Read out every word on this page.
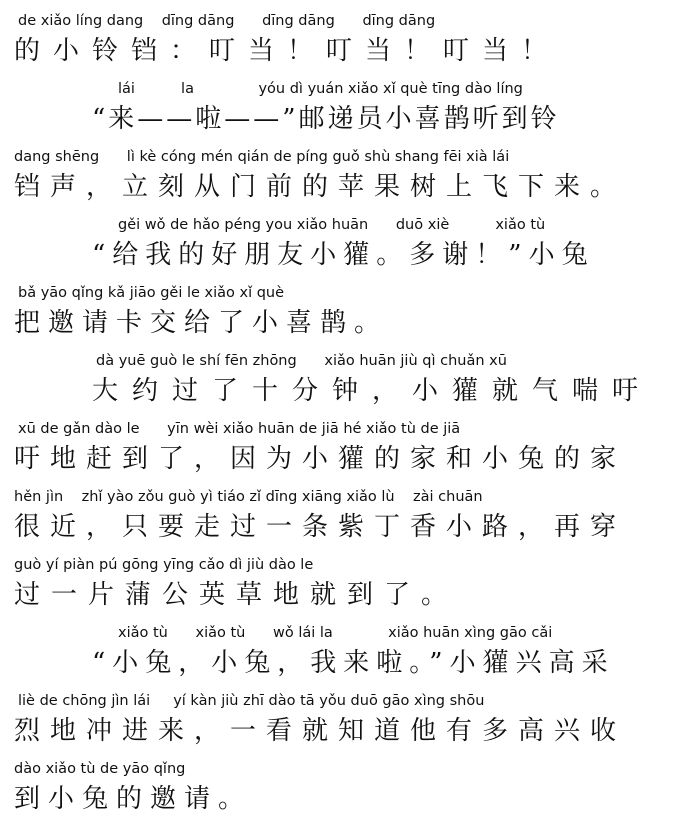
de xiǎo líng dang    dīng dāng      dīng dāng      dīng dāng
的小铃铛：叮当！叮当！叮当！
lái          la              yóu dì yuán xiǎo xǐ què tīng dào líng
“来——啦——”邮递员小喜鹊听到铃
dang shēng      lì kè cóng mén qián de píng guǒ shù shang fēi xià lái
铛声，立刻从门前的苹果树上飞下来。
gěi wǒ de hǎo péng you xiǎo huān      duō xiè          xiǎo tù
“给我的好朋友小獾。多谢！”小兔
bǎ yāo qǐng kǎ jiāo gěi le xiǎo xǐ què
把邀请卡交给了小喜鹊。
dà yuē guò le shí fēn zhōng      xiǎo huān jiù qì chuǎn xū
大约过了十分钟，小獾就气喘吁
xū de gǎn dào le      yīn wèi xiǎo huān de jiā hé xiǎo tù de jiā
吁地赶到了，因为小獾的家和小兔的家
hěn jìn    zhǐ yào zǒu guò yì tiáo zǐ dīng xiāng xiǎo lù    zài chuān
很近，只要走过一条紫丁香小路，再穿
guò yí piàn pú gōng yīng cǎo dì jiù dào le
过一片蒲公英草地就到了。
xiǎo tù      xiǎo tù      wǒ lái la            xiǎo huān xìng gāo cǎi
“小兔，小兔，我来啦。”小獾兴高采
liè de chōng jìn lái     yí kàn jiù zhī dào tā yǒu duō gāo xìng shōu
烈地冲进来，一看就知道他有多高兴收
dào xiǎo tù de yāo qǐng
到小兔的邀请。
